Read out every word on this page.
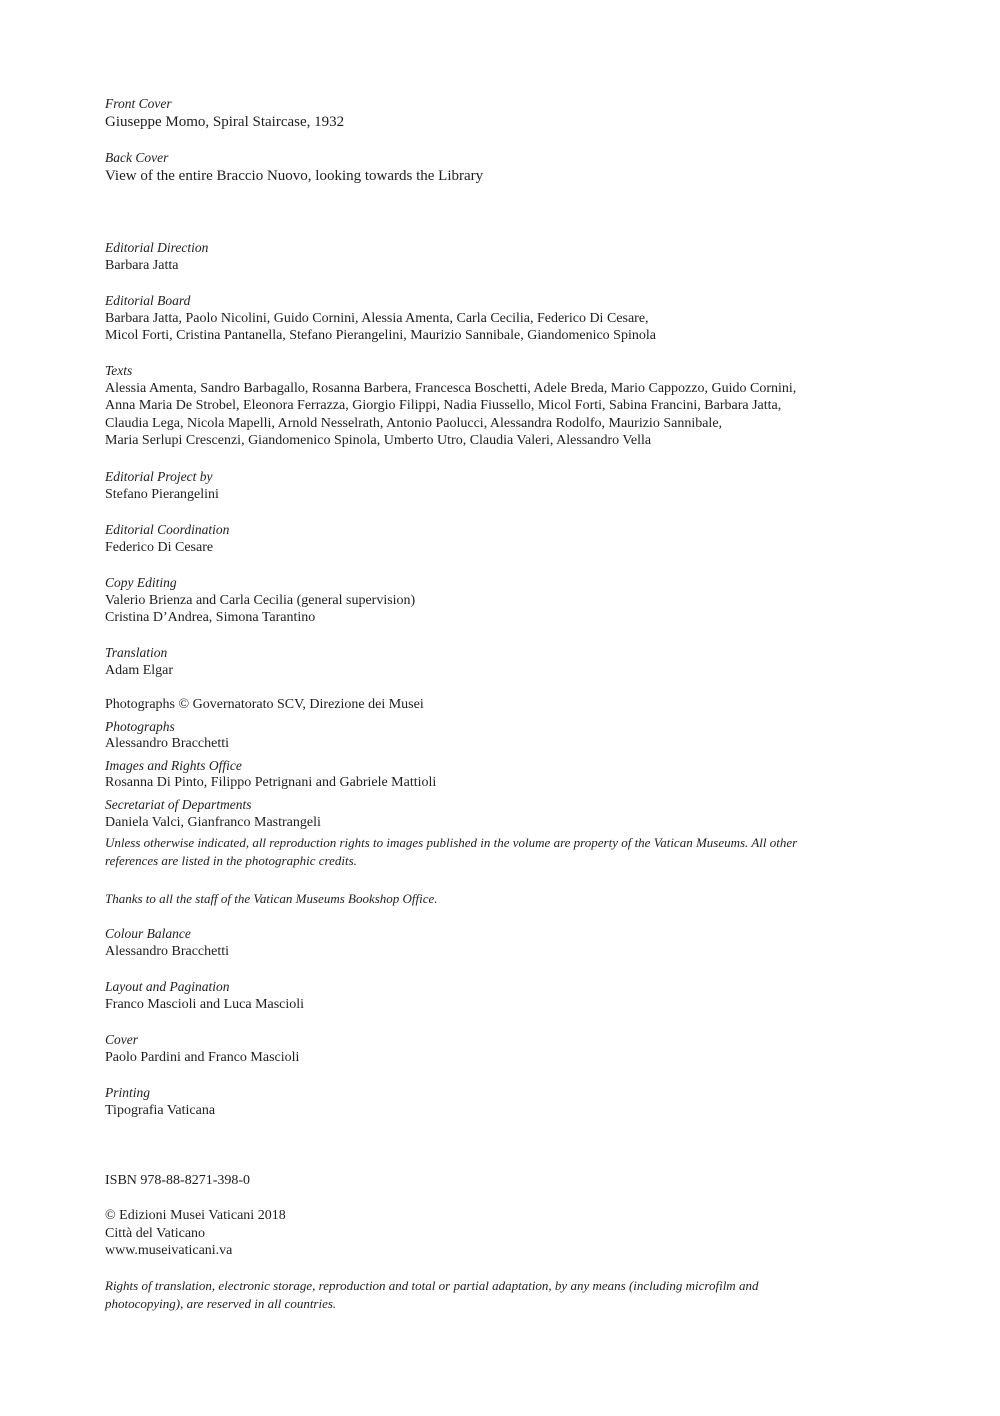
Front Cover
Giuseppe Momo, Spiral Staircase, 1932
Back Cover
View of the entire Braccio Nuovo, looking towards the Library
Editorial Direction
Barbara Jatta
Editorial Board
Barbara Jatta, Paolo Nicolini, Guido Cornini, Alessia Amenta, Carla Cecilia, Federico Di Cesare,
Micol Forti, Cristina Pantanella, Stefano Pierangelini, Maurizio Sannibale, Giandomenico Spinola
Texts
Alessia Amenta, Sandro Barbagallo, Rosanna Barbera, Francesca Boschetti, Adele Breda, Mario Cappozzo, Guido Cornini,
Anna Maria De Strobel, Eleonora Ferrazza, Giorgio Filippi, Nadia Fiussello, Micol Forti, Sabina Francini, Barbara Jatta,
Claudia Lega, Nicola Mapelli, Arnold Nesselrath, Antonio Paolucci, Alessandra Rodolfo, Maurizio Sannibale,
Maria Serlupi Crescenzi, Giandomenico Spinola, Umberto Utro, Claudia Valeri, Alessandro Vella
Editorial Project by
Stefano Pierangelini
Editorial Coordination
Federico Di Cesare
Copy Editing
Valerio Brienza and Carla Cecilia (general supervision)
Cristina D’Andrea, Simona Tarantino
Translation
Adam Elgar
Photographs © Governatorato SCV, Direzione dei Musei
Photographs
Alessandro Bracchetti
Images and Rights Office
Rosanna Di Pinto, Filippo Petrignani and Gabriele Mattioli
Secretariat of Departments
Daniela Valci, Gianfranco Mastrangeli
Unless otherwise indicated, all reproduction rights to images published in the volume are property of the Vatican Museums. All other
references are listed in the photographic credits.
Thanks to all the staff of the Vatican Museums Bookshop Office.
Colour Balance
Alessandro Bracchetti
Layout and Pagination
Franco Mascioli and Luca Mascioli
Cover
Paolo Pardini and Franco Mascioli
Printing
Tipografia Vaticana
ISBN 978-88-8271-398-0
© Edizioni Musei Vaticani 2018
Città del Vaticano
www.museivaticani.va
Rights of translation, electronic storage, reproduction and total or partial adaptation, by any means (including microfilm and
photocopying), are reserved in all countries.
